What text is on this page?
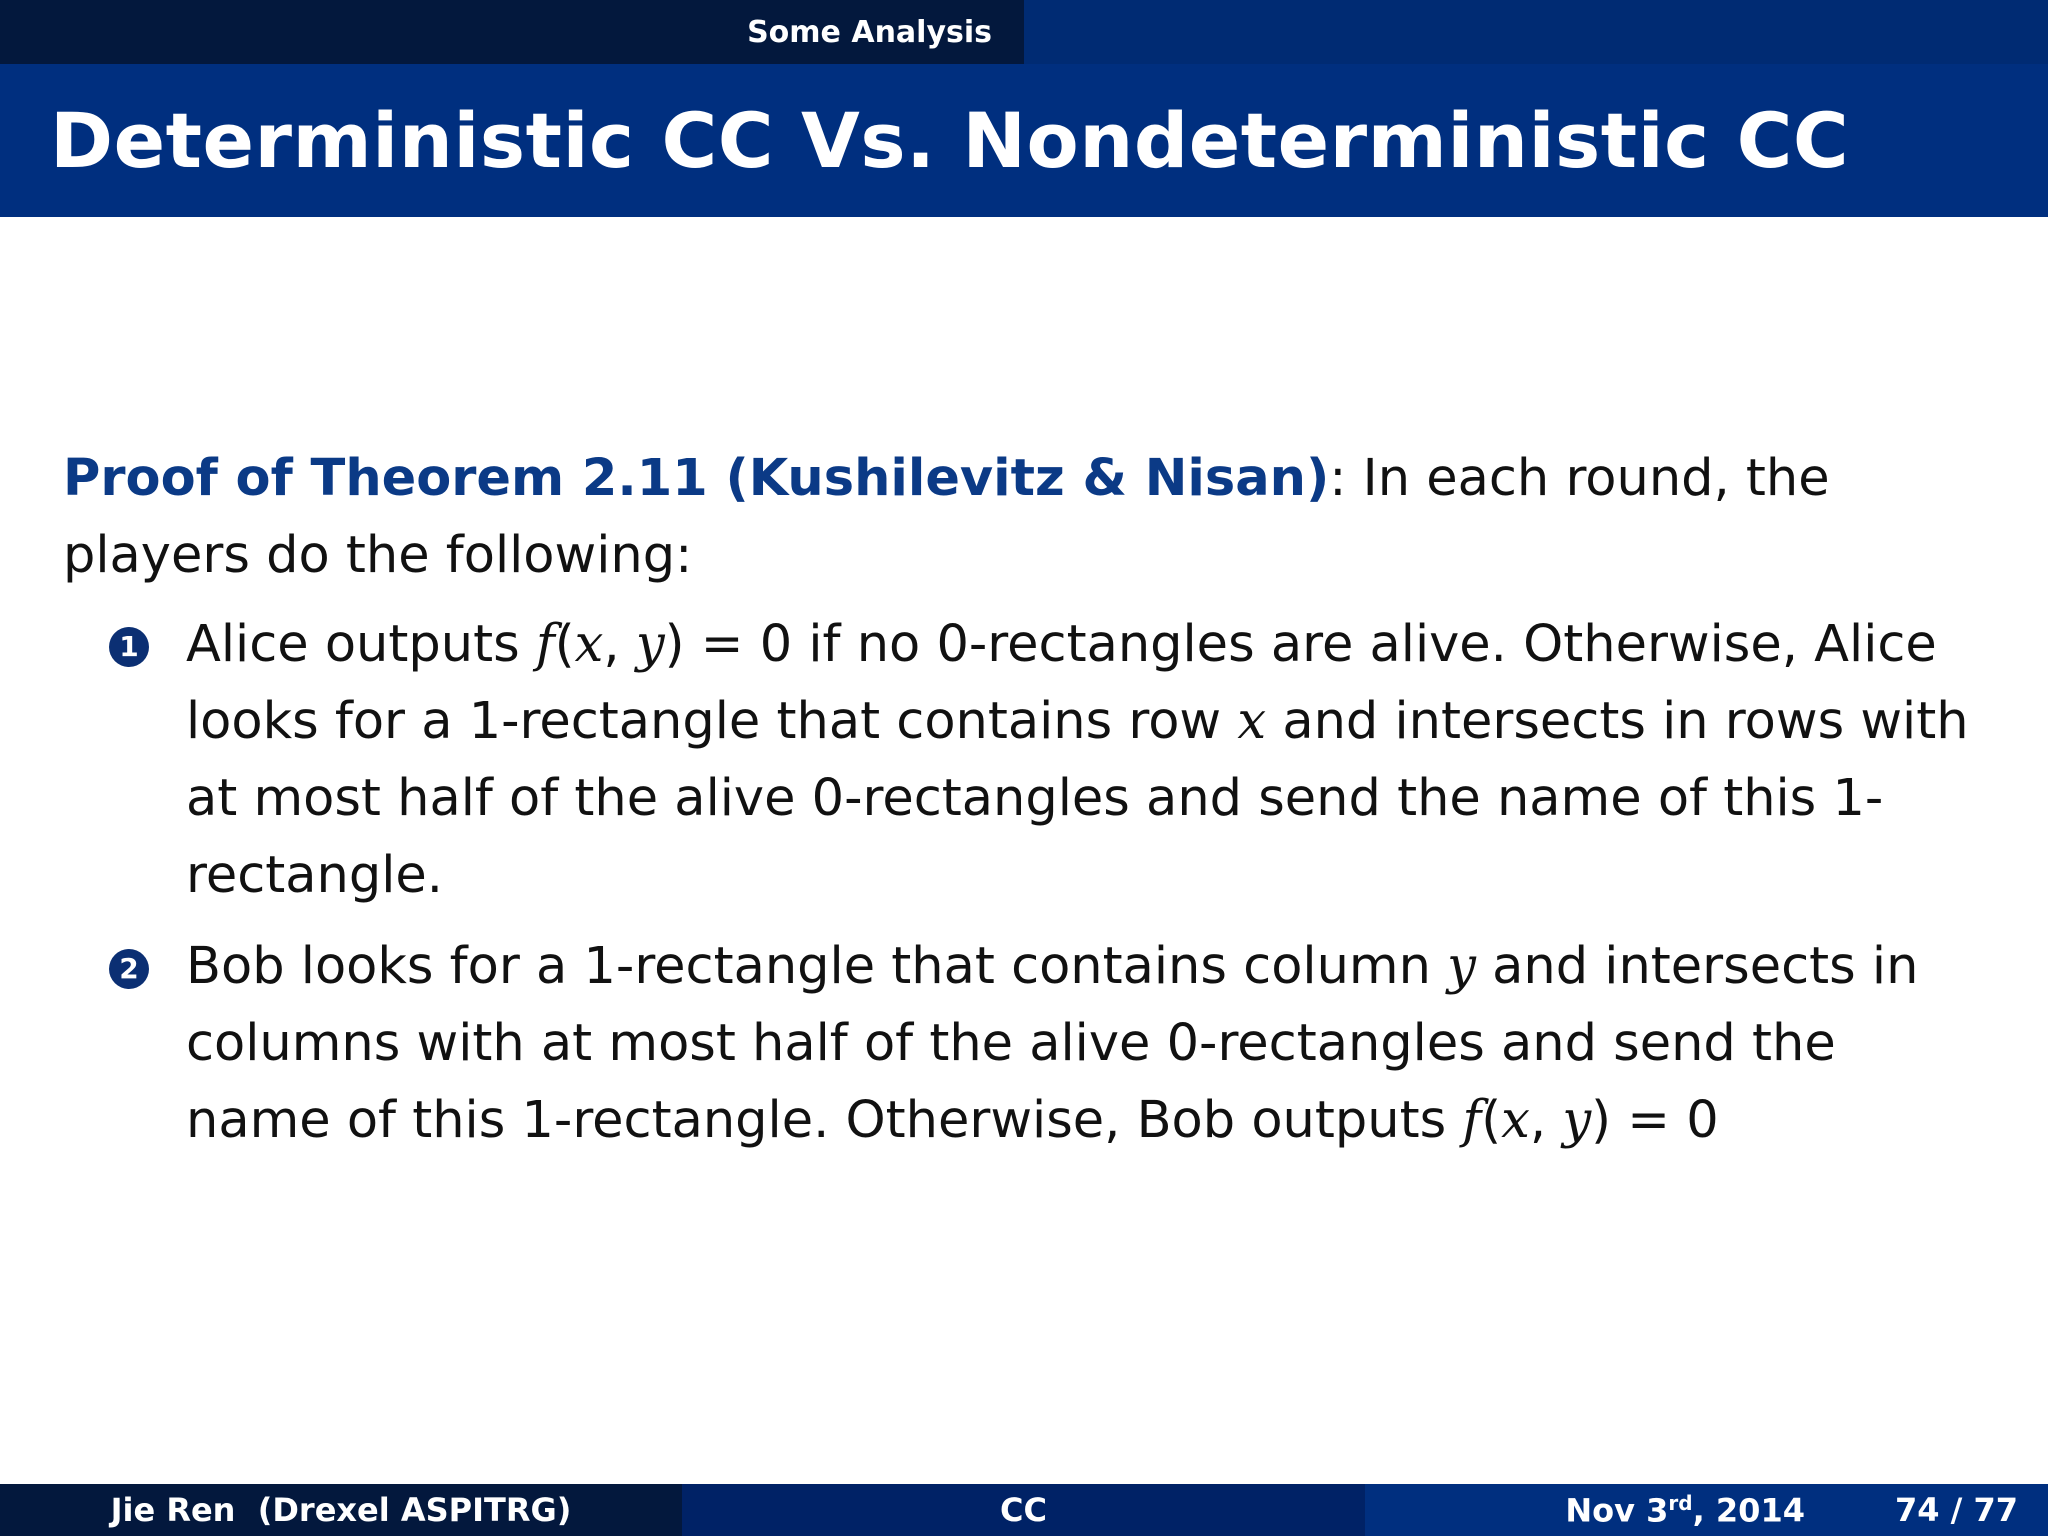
Some Analysis
Deterministic CC Vs. Nondeterministic CC
Proof of Theorem 2.11 (Kushilevitz & Nisan): In each round, the
players do the following:
1 Alice outputs f(x, y) = 0 if no 0-rectangles are alive. Otherwise, Alice looks for a 1-rectangle that contains row x and intersects in rows with at most half of the alive 0-rectangles and send the name of this 1-rectangle.
2 Bob looks for a 1-rectangle that contains column y and intersects in columns with at most half of the alive 0-rectangles and send the name of this 1-rectangle. Otherwise, Bob outputs f(x, y) = 0
Jie Ren  (Drexel ASPITRG)	CC	Nov 3rd, 2014	74 / 77
